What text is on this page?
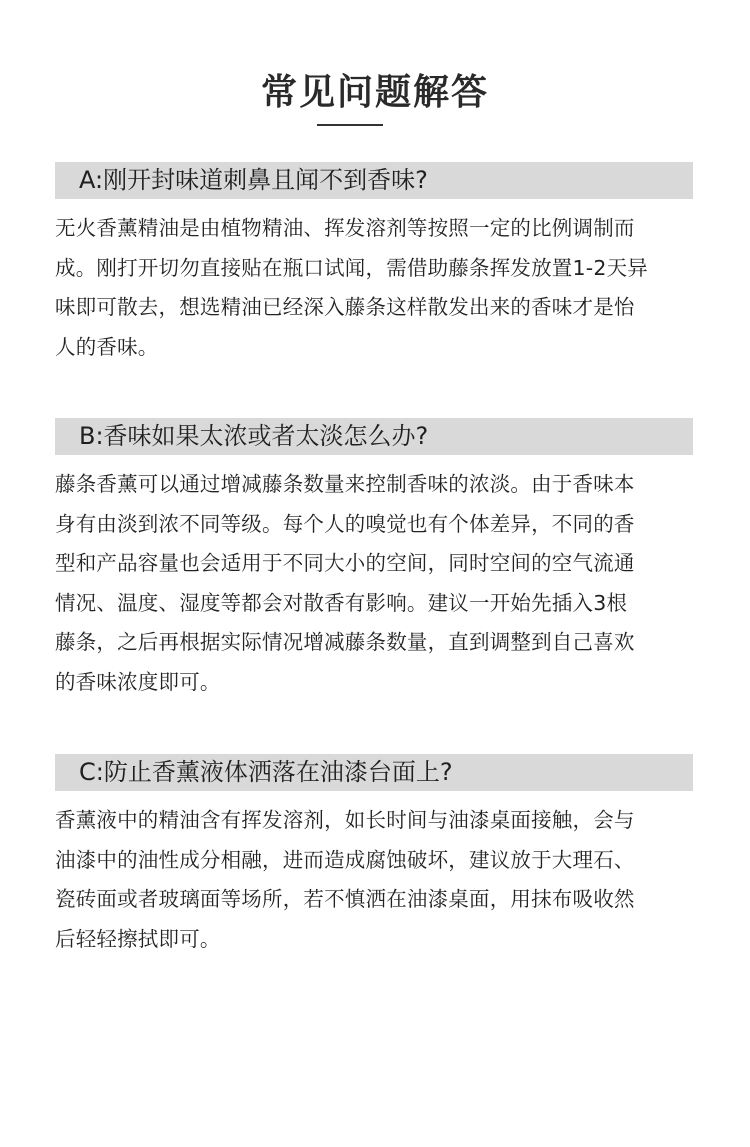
常见问题解答
A:刚开封味道刺鼻且闻不到香味?
无火香薰精油是由植物精油、挥发溶剂等按照一定的比例调制而
成。刚打开切勿直接贴在瓶口试闻，需借助藤条挥发放置1-2天异
味即可散去，想选精油已经深入藤条这样散发出来的香味才是怡
人的香味。
B:香味如果太浓或者太淡怎么办?
藤条香薰可以通过增减藤条数量来控制香味的浓淡。由于香味本
身有由淡到浓不同等级。每个人的嗅觉也有个体差异，不同的香
型和产品容量也会适用于不同大小的空间，同时空间的空气流通
情况、温度、湿度等都会对散香有影响。建议一开始先插入3根
藤条，之后再根据实际情况增减藤条数量，直到调整到自己喜欢
的香味浓度即可。
C:防止香薰液体洒落在油漆台面上?
香薰液中的精油含有挥发溶剂，如长时间与油漆桌面接触，会与
油漆中的油性成分相融，进而造成腐蚀破坏，建议放于大理石、
瓷砖面或者玻璃面等场所，若不慎洒在油漆桌面，用抹布吸收然
后轻轻擦拭即可。
